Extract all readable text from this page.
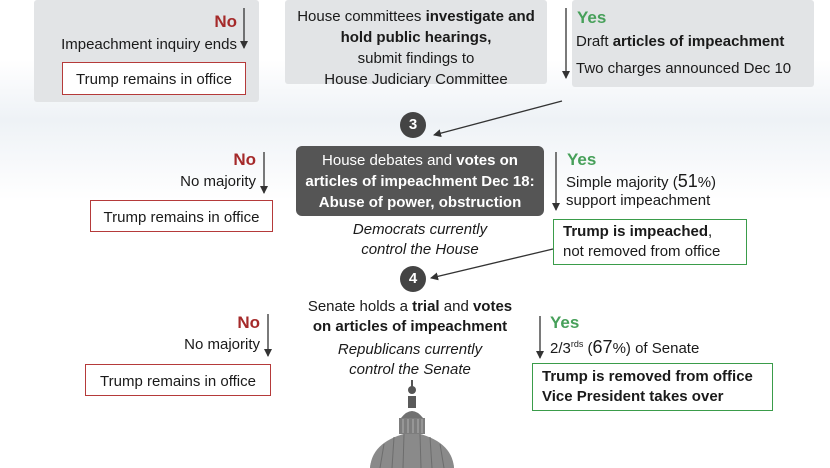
No
Impeachment inquiry ends
Trump remains in office
House committees investigate and hold public hearings,
submit findings to
House Judiciary Committee
Yes
Draft articles of impeachment
Two charges announced Dec 10
3
No
No majority
Trump remains in office
House debates and votes on
articles of impeachment Dec 18:
Abuse of power, obstruction
Democrats currently
control the House
Yes
Simple majority (51%)
support impeachment
Trump is impeached,
not removed from office
4
Senate holds a trial and votes
on articles of impeachment
Republicans currently
control the Senate
No
No majority
Trump remains in office
Yes
$2/3^{rds}$ (67%) of Senate
Trump is removed from office
Vice President takes over
